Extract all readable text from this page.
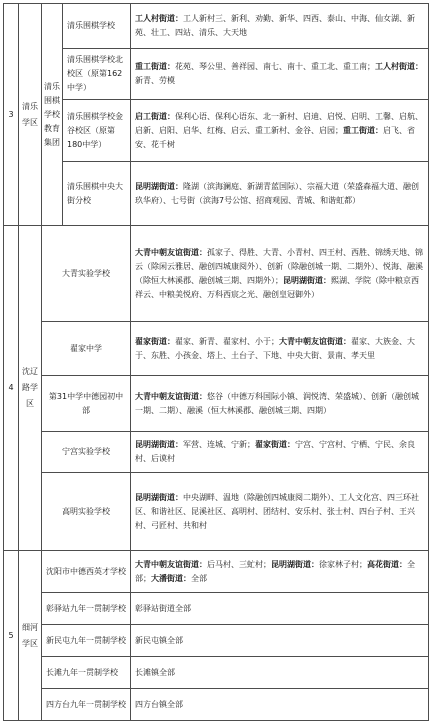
3	清乐学区	清乐围棋学校教育集团	清乐围棋学校	工人村街道：工人新村三、新利、劝勤、新华、四西、泰山、中海、仙女湖、新苑、壮工、四站、清乐、大天地
			清乐围棋学校北校区（原第162中学）	重工街道：花苑、琴公里、善祥园、南七、南十、重工北、重工南；工人村街道：新青、劳模
			清乐围棋学校金谷校区（原第180中学）	启工街道：保利心语、保利心语东、北一新村、启迪、启悦、启明、工馨、启航、启新、启阳、启华、红梅、启云、重工新村、金谷、启园；重工街道：启飞、省安、花千树
			清乐围棋中央大街分校	昆明湖街道：隆湖（滨海澜庭、新湖青蓝国际）、宗福大道（荣盛森福大道、融创玖华府）、七号街（滨海7号公馆、招商观园、青城、和谐虹都）
4	沈辽路学区	大青实验学校		大青中朝友谊街道：孤家子、得胜、大青、小青村、四王村、西胜、锦绣天地、锦云（除闲云雅居、融创四城康阅外）、创新（除融创城一期、二期外）、悦海、融溪（除恒大林溪郡、融创城三期、四期外）；昆明湖街道：熙湖、学院（除中粮京西祥云、中粮美悦府、万科西宸之光、融创皇冠御外）
		翟家中学		翟家街道：翟家、新青、翟家村、小于；大青中朝友谊街道：翟家、大族金、大于、东胜、小孩金、塔上、土台子、下地、中央大街、景南、孝天里
		第31中学中德园初中部		大青中朝友谊街道：悠谷（中德万科国际小镇、润悦湾、荣盛城）、创新（融创城一期、二期）、融溪（恒大林溪郡、融创城三期、四期）
		宁宫实验学校		昆明湖街道：军营、连城、宁新；翟家街道：宁宫、宁宫村、宁栖、宁民、余良村、后谟村
		高明实验学校		昆明湖街道：中央湖畔、温地（除融创四城康阅二期外）、工人文化宫、四三环社区、和谐社区、昆溪社区、高明村、团结村、安乐村、张士村、四台子村、王兴村、弓匠村、共和村
5	细河学区	沈阳市中德西英才学校		大青中朝友谊街道：后马村、三虻村；昆明湖街道：徐家林子村；高花街道：全部；大潘街道：全部
		彰驿站九年一贯制学校		彰驿站街道全部
		新民屯九年一贯制学校		新民屯镇全部
		长滩九年一贯制学校		长滩镇全部
		四方台九年一贯制学校		四方台镇全部
